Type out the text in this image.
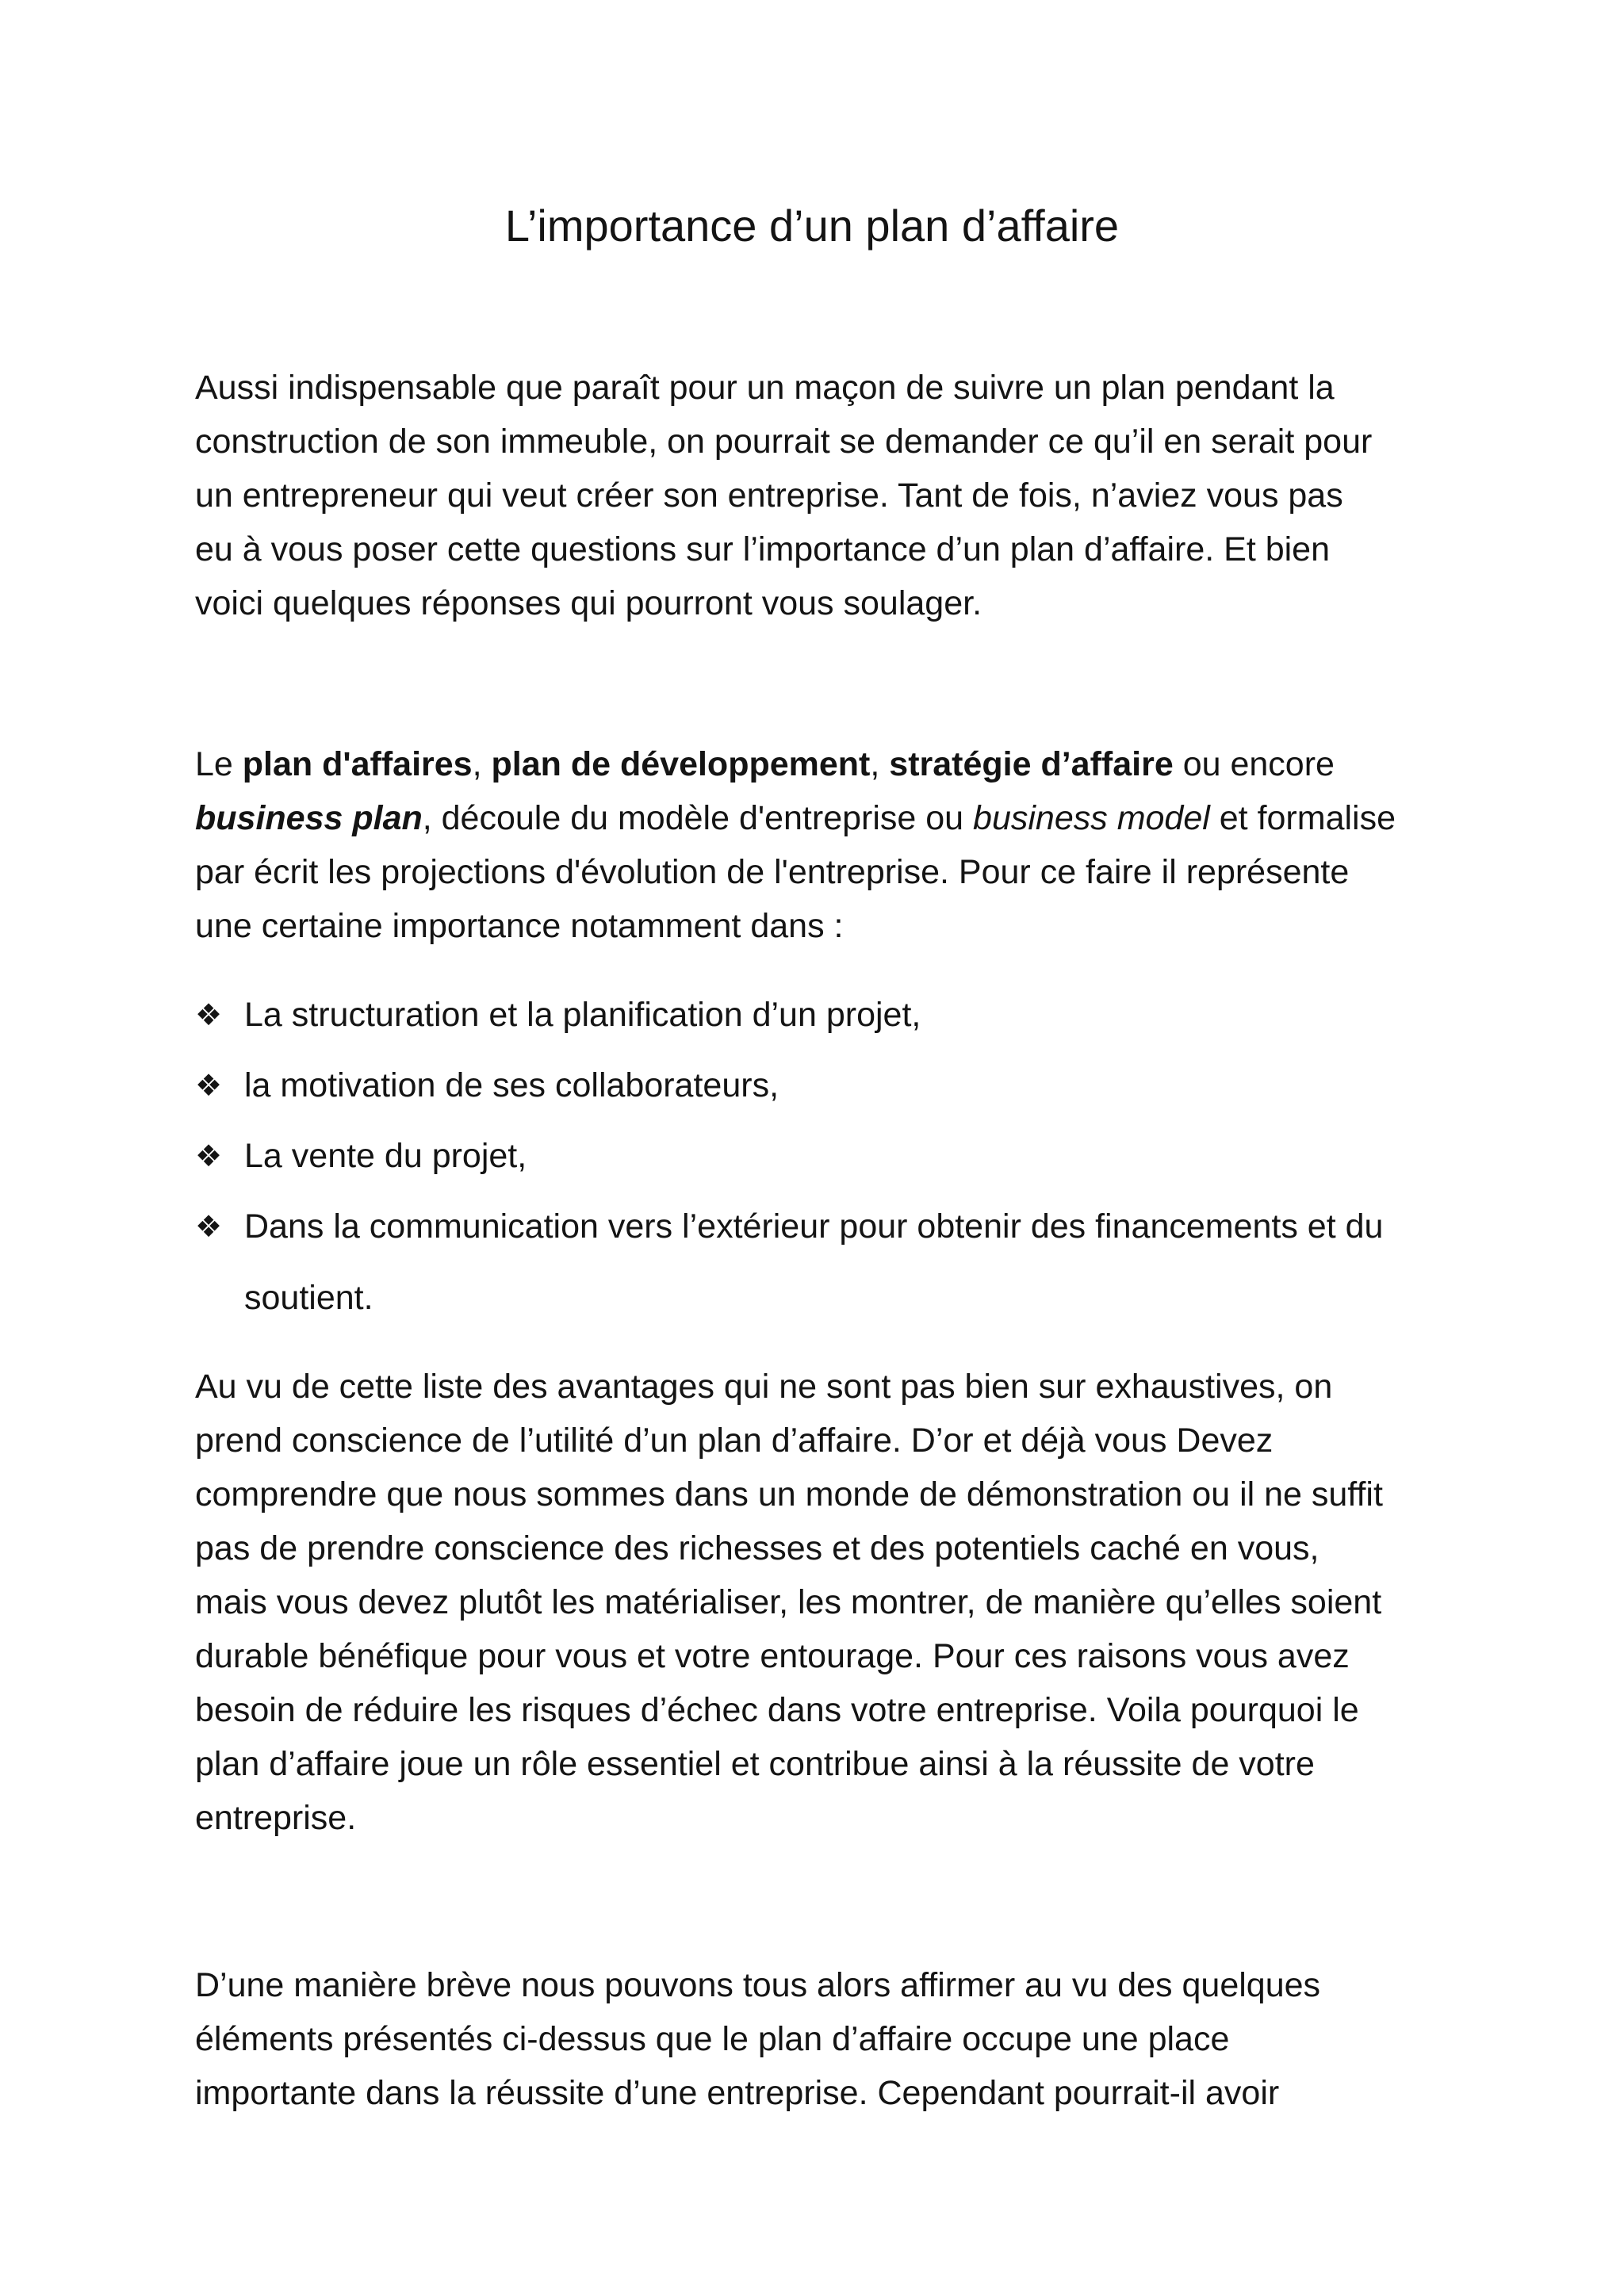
L’importance d’un plan d’affaire

Aussi indispensable que paraît pour un maçon de suivre un plan pendant la
construction de son immeuble, on pourrait se demander ce qu’il en serait pour
un entrepreneur qui veut créer son entreprise. Tant de fois, n’aviez vous pas
eu à vous poser cette questions sur l’importance d’un plan d’affaire. Et bien
voici quelques réponses qui pourront vous soulager.

Le plan d'affaires, plan de développement, stratégie d’affaire ou encore
business plan, découle du modèle d'entreprise ou business model et formalise
par écrit les projections d'évolution de l'entreprise. Pour ce faire il représente
une certaine importance notamment dans :

❖ La structuration et la planification d’un projet,
❖ la motivation de ses collaborateurs,
❖ La vente du projet,
❖ Dans la communication vers l’extérieur pour obtenir des financements et du
soutient.

Au vu de cette liste des avantages qui ne sont pas bien sur exhaustives, on
prend conscience de l’utilité d’un plan d’affaire. D’or et déjà vous Devez
comprendre que nous sommes dans un monde de démonstration ou il ne suffit
pas de prendre conscience des richesses et des potentiels caché en vous,
mais vous devez plutôt les matérialiser, les montrer, de manière qu’elles soient
durable bénéfique pour vous et votre entourage. Pour ces raisons vous avez
besoin de réduire les risques d’échec dans votre entreprise. Voila pourquoi le
plan d’affaire joue un rôle essentiel et contribue ainsi à la réussite de votre
entreprise.

D’une manière brève nous pouvons tous alors affirmer au vu des quelques
éléments présentés ci-dessus que le plan d’affaire occupe une place
importante dans la réussite d’une entreprise. Cependant pourrait-il avoir
